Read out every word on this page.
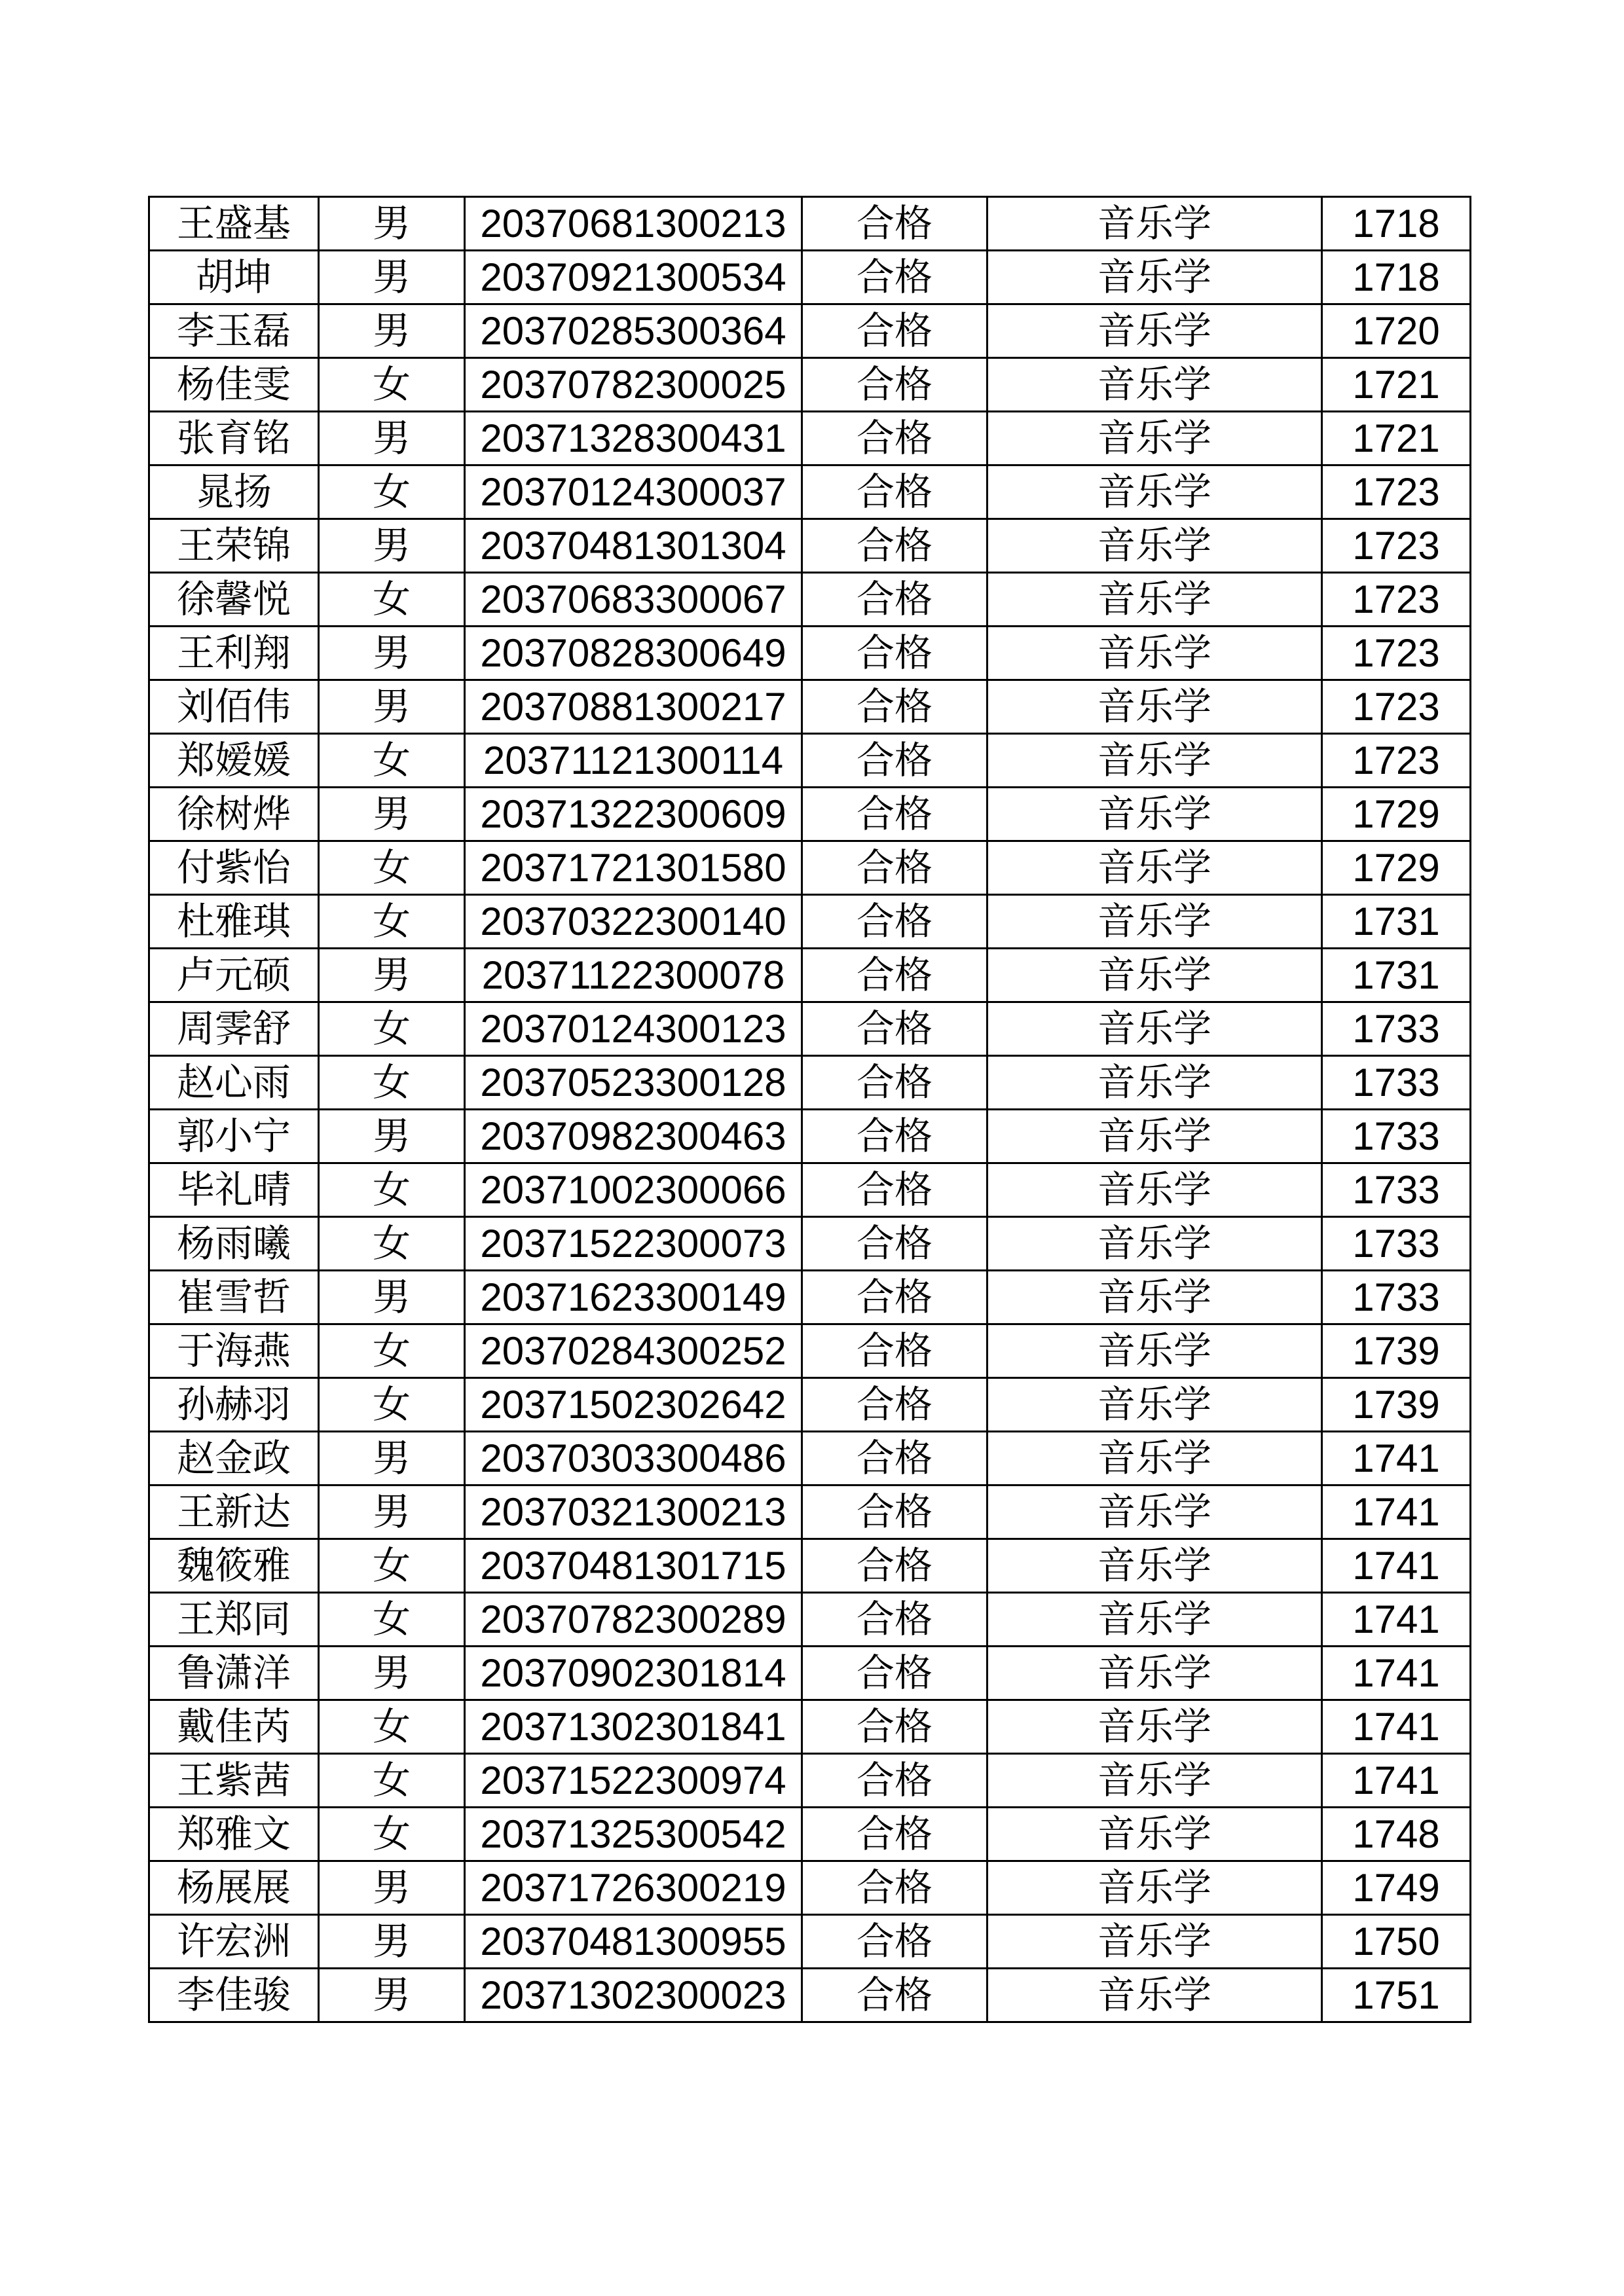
王盛基	男	20370681300213	合格	音乐学	1718
胡坤	男	20370921300534	合格	音乐学	1718
李玉磊	男	20370285300364	合格	音乐学	1720
杨佳雯	女	20370782300025	合格	音乐学	1721
张育铭	男	20371328300431	合格	音乐学	1721
晁扬	女	20370124300037	合格	音乐学	1723
王荣锦	男	20370481301304	合格	音乐学	1723
徐馨悦	女	20370683300067	合格	音乐学	1723
王利翔	男	20370828300649	合格	音乐学	1723
刘佰伟	男	20370881300217	合格	音乐学	1723
郑嫒媛	女	20371121300114	合格	音乐学	1723
徐树烨	男	20371322300609	合格	音乐学	1729
付紫怡	女	20371721301580	合格	音乐学	1729
杜雅琪	女	20370322300140	合格	音乐学	1731
卢元硕	男	20371122300078	合格	音乐学	1731
周霁舒	女	20370124300123	合格	音乐学	1733
赵心雨	女	20370523300128	合格	音乐学	1733
郭小宁	男	20370982300463	合格	音乐学	1733
毕礼晴	女	20371002300066	合格	音乐学	1733
杨雨曦	女	20371522300073	合格	音乐学	1733
崔雪哲	男	20371623300149	合格	音乐学	1733
于海燕	女	20370284300252	合格	音乐学	1739
孙赫羽	女	20371502302642	合格	音乐学	1739
赵金政	男	20370303300486	合格	音乐学	1741
王新达	男	20370321300213	合格	音乐学	1741
魏筱雅	女	20370481301715	合格	音乐学	1741
王郑同	女	20370782300289	合格	音乐学	1741
鲁潇洋	男	20370902301814	合格	音乐学	1741
戴佳芮	女	20371302301841	合格	音乐学	1741
王紫茜	女	20371522300974	合格	音乐学	1741
郑雅文	女	20371325300542	合格	音乐学	1748
杨展展	男	20371726300219	合格	音乐学	1749
许宏洲	男	20370481300955	合格	音乐学	1750
李佳骏	男	20371302300023	合格	音乐学	1751
